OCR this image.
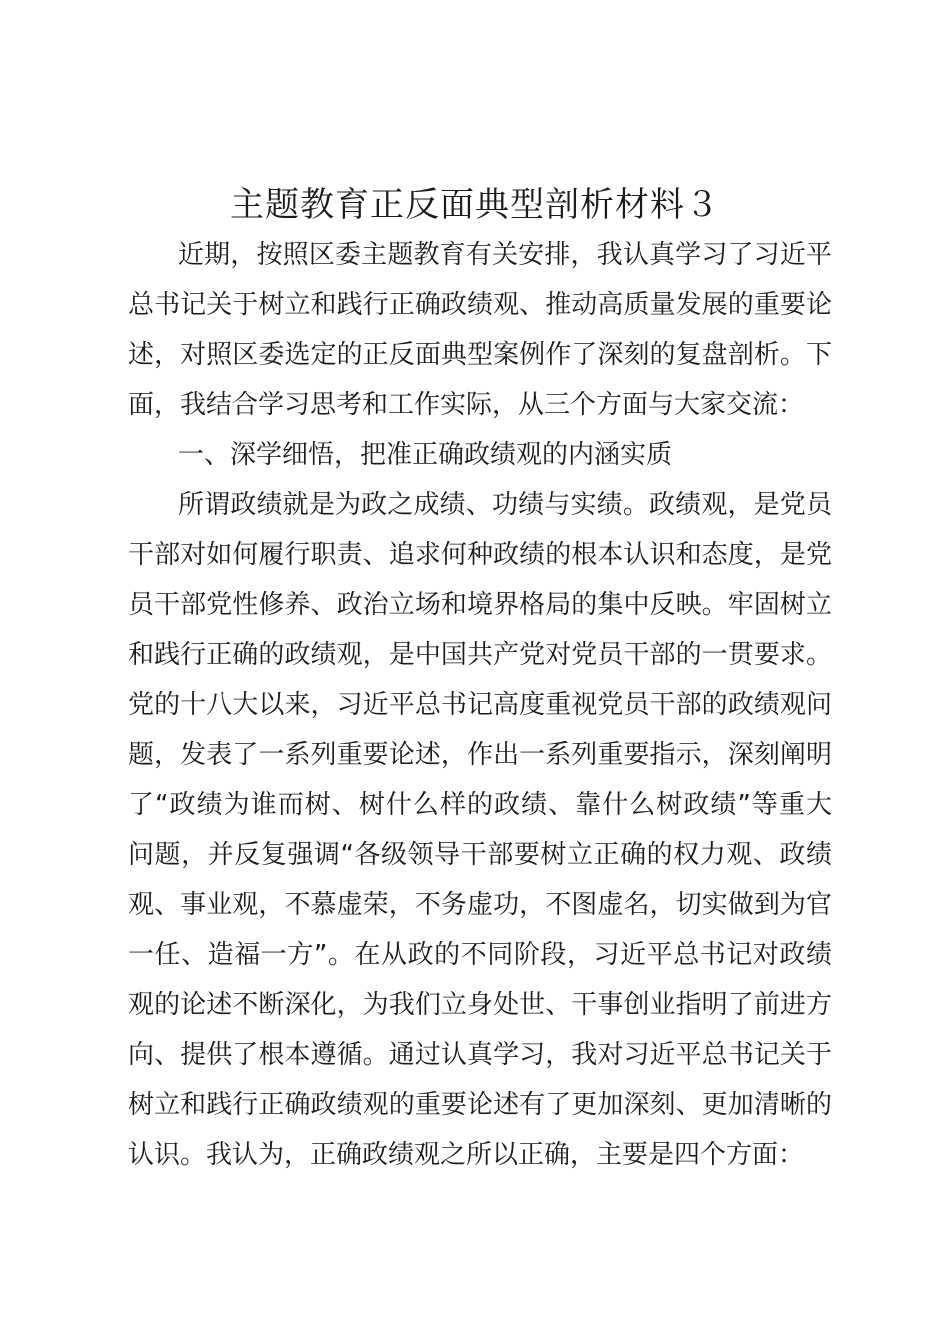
主题教育正反面典型剖析材料３
近期，按照区委主题教育有关安排，我认真学习了习近平
总书记关于树立和践行正确政绩观、推动高质量发展的重要论
述，对照区委选定的正反面典型案例作了深刻的复盘剖析。下
面，我结合学习思考和工作实际，从三个方面与大家交流：
一、深学细悟，把准正确政绩观的内涵实质
所谓政绩就是为政之成绩、功绩与实绩。政绩观，是党员
干部对如何履行职责、追求何种政绩的根本认识和态度，是党
员干部党性修养、政治立场和境界格局的集中反映。牢固树立
和践行正确的政绩观，是中国共产党对党员干部的一贯要求。
党的十八大以来，习近平总书记高度重视党员干部的政绩观问
题，发表了一系列重要论述，作出一系列重要指示，深刻阐明
了“政绩为谁而树、树什么样的政绩、靠什么树政绩”等重大
问题，并反复强调“各级领导干部要树立正确的权力观、政绩
观、事业观，不慕虚荣，不务虚功，不图虚名，切实做到为官
一任、造福一方”。在从政的不同阶段，习近平总书记对政绩
观的论述不断深化，为我们立身处世、干事创业指明了前进方
向、提供了根本遵循。通过认真学习，我对习近平总书记关于
树立和践行正确政绩观的重要论述有了更加深刻、更加清晰的
认识。我认为，正确政绩观之所以正确，主要是四个方面：
